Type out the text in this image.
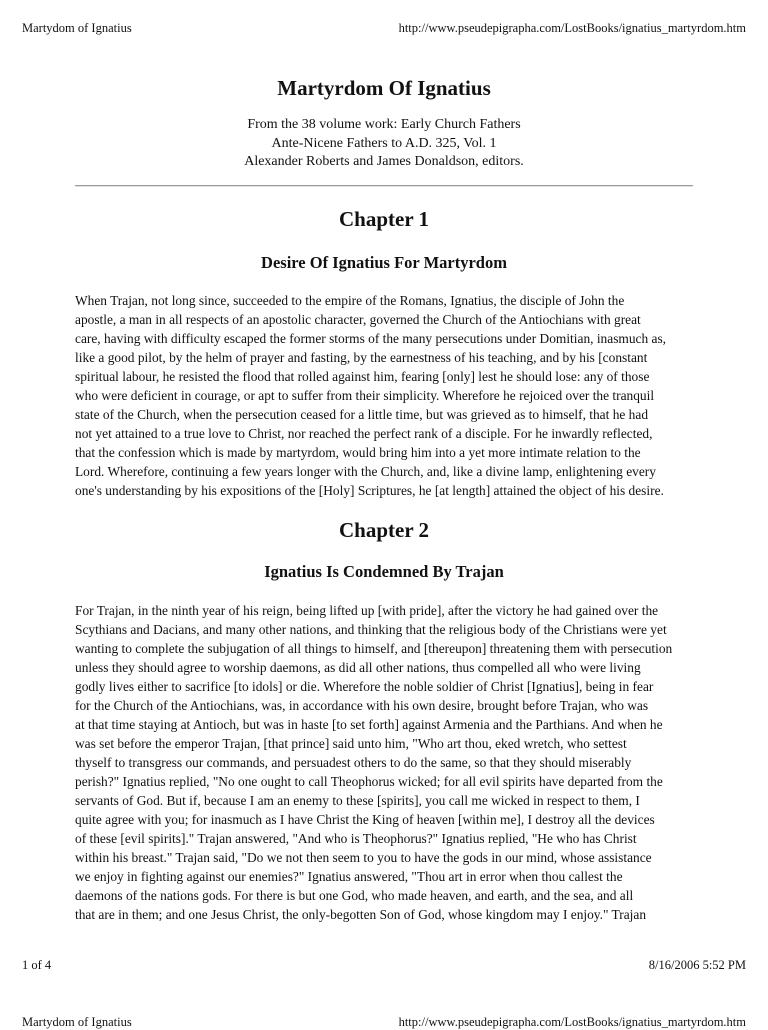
Martydom of Ignatius	http://www.pseudepigrapha.com/LostBooks/ignatius_martyrdom.htm
Martyrdom Of Ignatius
From the 38 volume work: Early Church Fathers
Ante-Nicene Fathers to A.D. 325, Vol. 1
Alexander Roberts and James Donaldson, editors.
Chapter 1
Desire Of Ignatius For Martyrdom
When Trajan, not long since, succeeded to the empire of the Romans, Ignatius, the disciple of John the
apostle, a man in all respects of an apostolic character, governed the Church of the Antiochians with great
care, having with difficulty escaped the former storms of the many persecutions under Domitian, inasmuch as,
like a good pilot, by the helm of prayer and fasting, by the earnestness of his teaching, and by his [constant
spiritual labour, he resisted the flood that rolled against him, fearing [only] lest he should lose: any of those
who were deficient in courage, or apt to suffer from their simplicity. Wherefore he rejoiced over the tranquil
state of the Church, when the persecution ceased for a little time, but was grieved as to himself, that he had
not yet attained to a true love to Christ, nor reached the perfect rank of a disciple. For he inwardly reflected,
that the confession which is made by martyrdom, would bring him into a yet more intimate relation to the
Lord. Wherefore, continuing a few years longer with the Church, and, like a divine lamp, enlightening every
one's understanding by his expositions of the [Holy] Scriptures, he [at length] attained the object of his desire.
Chapter 2
Ignatius Is Condemned By Trajan
For Trajan, in the ninth year of his reign, being lifted up [with pride], after the victory he had gained over the
Scythians and Dacians, and many other nations, and thinking that the religious body of the Christians were yet
wanting to complete the subjugation of all things to himself, and [thereupon] threatening them with persecution
unless they should agree to worship daemons, as did all other nations, thus compelled all who were living
godly lives either to sacrifice [to idols] or die. Wherefore the noble soldier of Christ [Ignatius], being in fear
for the Church of the Antiochians, was, in accordance with his own desire, brought before Trajan, who was
at that time staying at Antioch, but was in haste [to set forth] against Armenia and the Parthians. And when he
was set before the emperor Trajan, [that prince] said unto him, "Who art thou, eked wretch, who settest
thyself to transgress our commands, and persuadest others to do the same, so that they should miserably
perish?" Ignatius replied, "No one ought to call Theophorus wicked; for all evil spirits have departed from the
servants of God. But if, because I am an enemy to these [spirits], you call me wicked in respect to them, I
quite agree with you; for inasmuch as I have Christ the King of heaven [within me], I destroy all the devices
of these [evil spirits]." Trajan answered, "And who is Theophorus?" Ignatius replied, "He who has Christ
within his breast." Trajan said, "Do we not then seem to you to have the gods in our mind, whose assistance
we enjoy in fighting against our enemies?" Ignatius answered, "Thou art in error when thou callest the
daemons of the nations gods. For there is but one God, who made heaven, and earth, and the sea, and all
that are in them; and one Jesus Christ, the only-begotten Son of God, whose kingdom may I enjoy." Trajan
1 of 4	8/16/2006 5:52 PM
Martydom of Ignatius	http://www.pseudepigrapha.com/LostBooks/ignatius_martyrdom.htm
